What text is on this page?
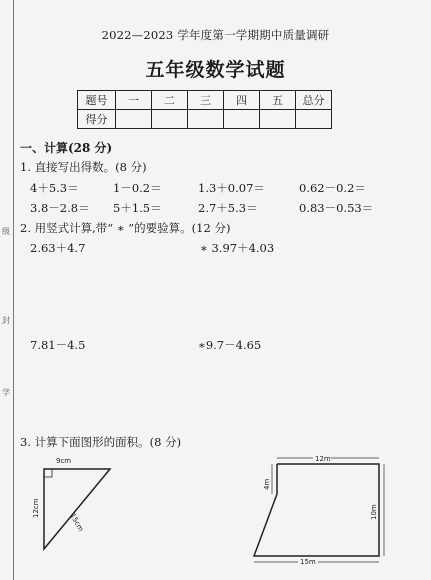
级
封
学
2022—2023 学年度第一学期期中质量调研
五年级数学试题
题号	一	二	三	四	五	总分
得分						
一、计算(28 分)
1. 直接写出得数。(8 分)
4＋5.3＝	1－0.2＝	1.3＋0.07＝	0.62－0.2＝
3.8－2.8＝ 5＋1.5＝	2.7＋5.3＝	0.83－0.53＝
2. 用竖式计算,带“ ∗ ”的要验算。(12 分)
2.63＋4.7	∗ 3.97＋4.03
7.81－4.5	∗9.7－4.65
3. 计算下面图形的面积。(8 分)
9cm
12cm
15cm
12m
4m
10m
15m
